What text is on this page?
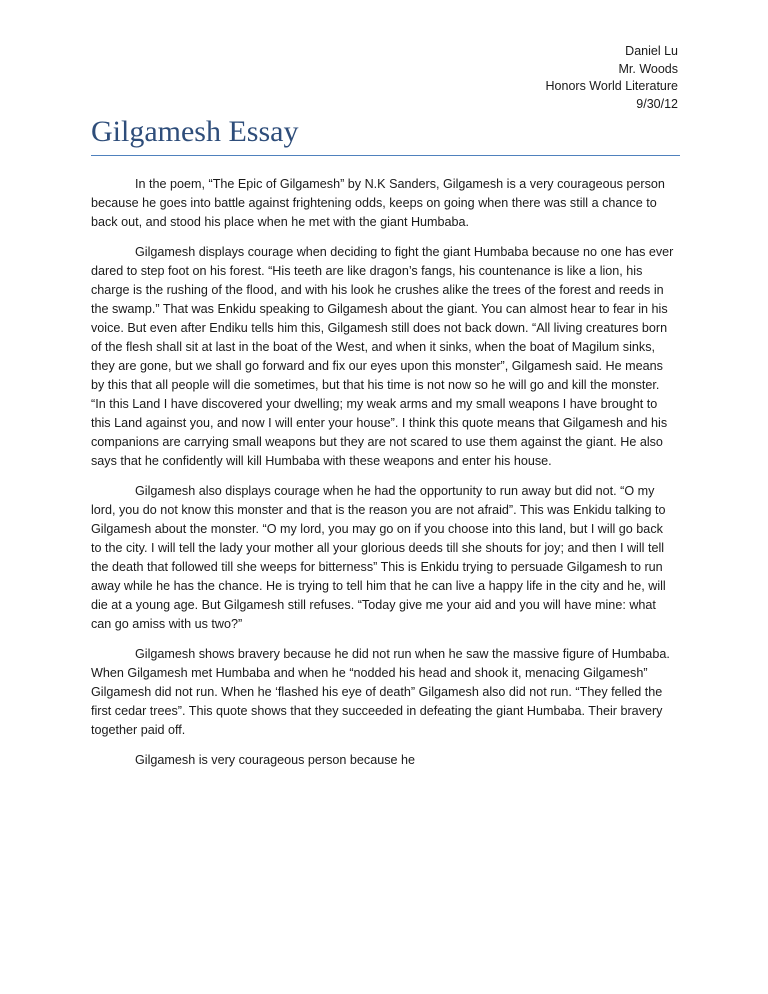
Daniel Lu
Mr. Woods
Honors World Literature
9/30/12
Gilgamesh Essay

In the poem, “The Epic of Gilgamesh” by N.K Sanders, Gilgamesh is a very courageous person because he goes into battle against frightening odds, keeps on going when there was still a chance to back out, and stood his place when he met with the giant Humbaba.

Gilgamesh displays courage when deciding to fight the giant Humbaba because no one has ever dared to step foot on his forest. “His teeth are like dragon’s fangs, his countenance is like a lion, his charge is the rushing of the flood, and with his look he crushes alike the trees of the forest and reeds in the swamp.” That was Enkidu speaking to Gilgamesh about the giant. You can almost hear to fear in his voice. But even after Endiku tells him this, Gilgamesh still does not back down. “All living creatures born of the flesh shall sit at last in the boat of the West, and when it sinks, when the boat of Magilum sinks, they are gone, but we shall go forward and fix our eyes upon this monster”, Gilgamesh said. He means by this that all people will die sometimes, but that his time is not now so he will go and kill the monster. “In this Land I have discovered your dwelling; my weak arms and my small weapons I have brought to this Land against you, and now I will enter your house”. I think this quote means that Gilgamesh and his companions are carrying small weapons but they are not scared to use them against the giant. He also says that he confidently will kill Humbaba with these weapons and enter his house.

Gilgamesh also displays courage when he had the opportunity to run away but did not. “O my lord, you do not know this monster and that is the reason you are not afraid”. This was Enkidu talking to Gilgamesh about the monster. “O my lord, you may go on if you choose into this land, but I will go back to the city. I will tell the lady your mother all your glorious deeds till she shouts for joy; and then I will tell the death that followed till she weeps for bitterness” This is Enkidu trying to persuade Gilgamesh to run away while he has the chance. He is trying to tell him that he can live a happy life in the city and he, will die at a young age. But Gilgamesh still refuses. “Today give me your aid and you will have mine: what can go amiss with us two?”

Gilgamesh shows bravery because he did not run when he saw the massive figure of Humbaba. When Gilgamesh met Humbaba and when he “nodded his head and shook it, menacing Gilgamesh” Gilgamesh did not run. When he ‘flashed his eye of death” Gilgamesh also did not run. “They felled the first cedar trees”. This quote shows that they succeeded in defeating the giant Humbaba. Their bravery together paid off.

Gilgamesh is very courageous person because he
